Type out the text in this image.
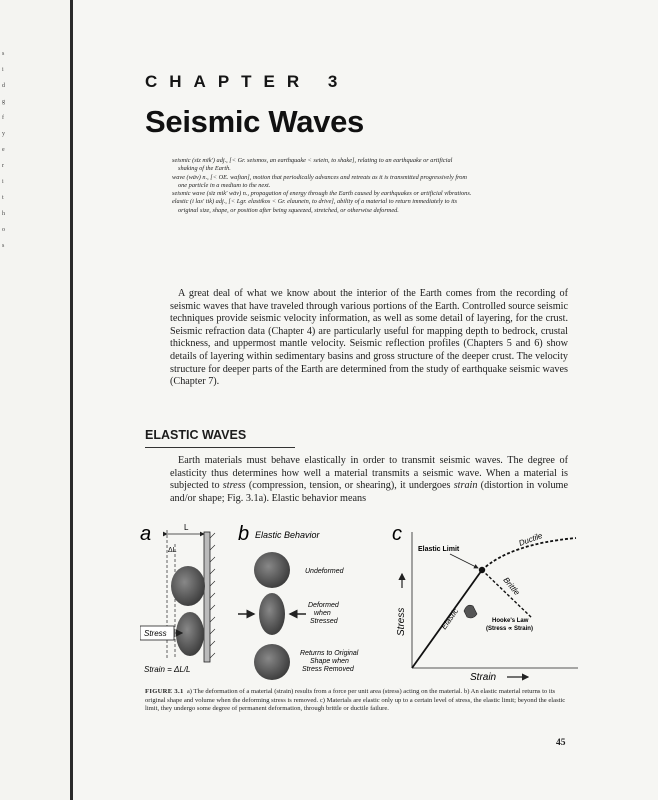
s
i
d
g
f
y
e
r
i
t
h
o
s

CHAPTER 3
Seismic Waves

seismic (sīz mīk') adj., [< Gr. seismos, an earthquake < seiein, to shake], relating to an earthquake or artificial shaking of the Earth.

wave (wāv) n., [< OE. wafian], motion that periodically advances and retreats as it is transmitted progressively from one particle in a medium to the next.

seismic wave (sīz mik' wāv) n., propagation of energy through the Earth caused by earthquakes or artificial vibrations.

elastic (i las' tik) adj., [< Lgr. elastikos < Gr. elaunein, to drive], ability of a material to return immediately to its original size, shape, or position after being squeezed, stretched, or otherwise deformed.

A great deal of what we know about the interior of the Earth comes from the recording of seismic waves that have traveled through various portions of the Earth. Controlled source seismic techniques provide seismic velocity information, as well as some detail of layering, for the crust. Seismic refraction data (Chapter 4) are particularly useful for mapping depth to bedrock, crustal thickness, and uppermost mantle velocity. Seismic reflection profiles (Chapters 5 and 6) show details of layering within sedimentary basins and gross structure of the deeper crust. The velocity structure for deeper parts of the Earth are determined from the study of earthquake seismic waves (Chapter 7).

ELASTIC WAVES

Earth materials must behave elastically in order to transmit seismic waves. The degree of elasticity thus determines how well a material transmits a seismic wave. When a material is subjected to stress (compression, tension, or shearing), it undergoes strain (distortion in volume and/or shape; Fig. 3.1a). Elastic behavior means

a	L
ΔL
Stress
Strain = ΔL/L
b Elastic Behavior
Undeformed
Deformed
when
Stressed
Returns to Original
Shape when
Stress Removed
c
Stress
Strain
Elastic Limit
Ductile
Brittle
Elastic	Hooke's Law
(Stress ∝ Strain)

FIGURE 3.1 a) The deformation of a material (strain) results from a force per unit area (stress) acting on the material. b) An elastic material returns to its original shape and volume when the deforming stress is removed. c) Materials are elastic only up to a certain level of stress, the elastic limit; beyond the elastic limit, they undergo some degree of permanent deformation, through brittle or ductile failure.

45
